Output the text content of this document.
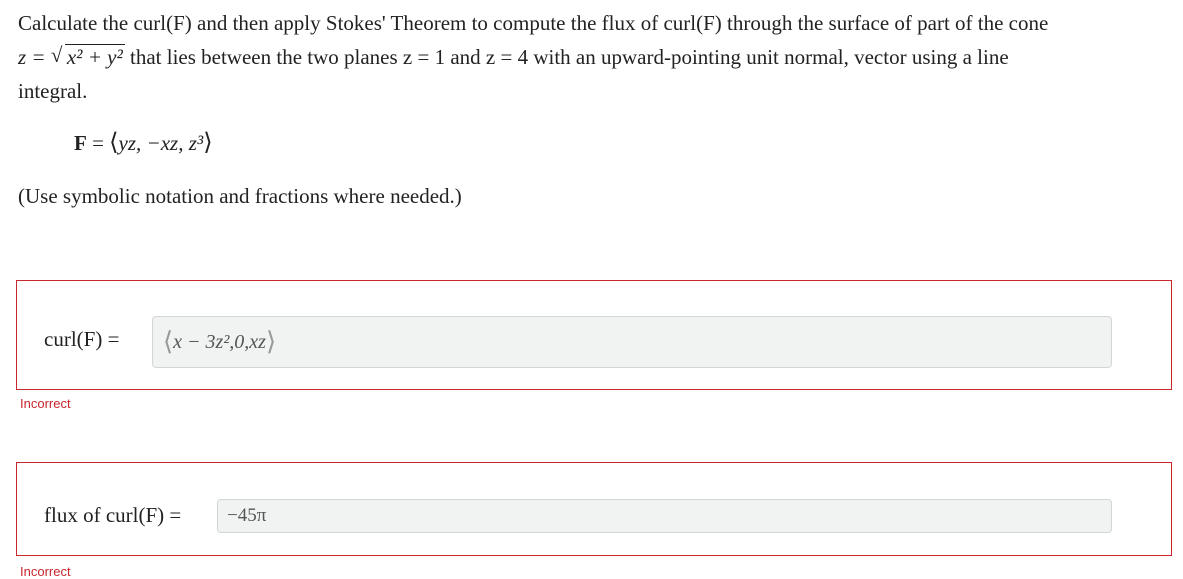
Calculate the curl(F) and then apply Stokes' Theorem to compute the flux of curl(F) through the surface of part of the cone
z = √ x² + y² that lies between the two planes z = 1 and z = 4 with an upward-pointing unit normal, vector using a line
integral.
F = ⟨yz, −xz, z³⟩
(Use symbolic notation and fractions where needed.)
curl(F) =	⟨x − 3z²,0,xz⟩
Incorrect
flux of curl(F) =	−45π
Incorrect
